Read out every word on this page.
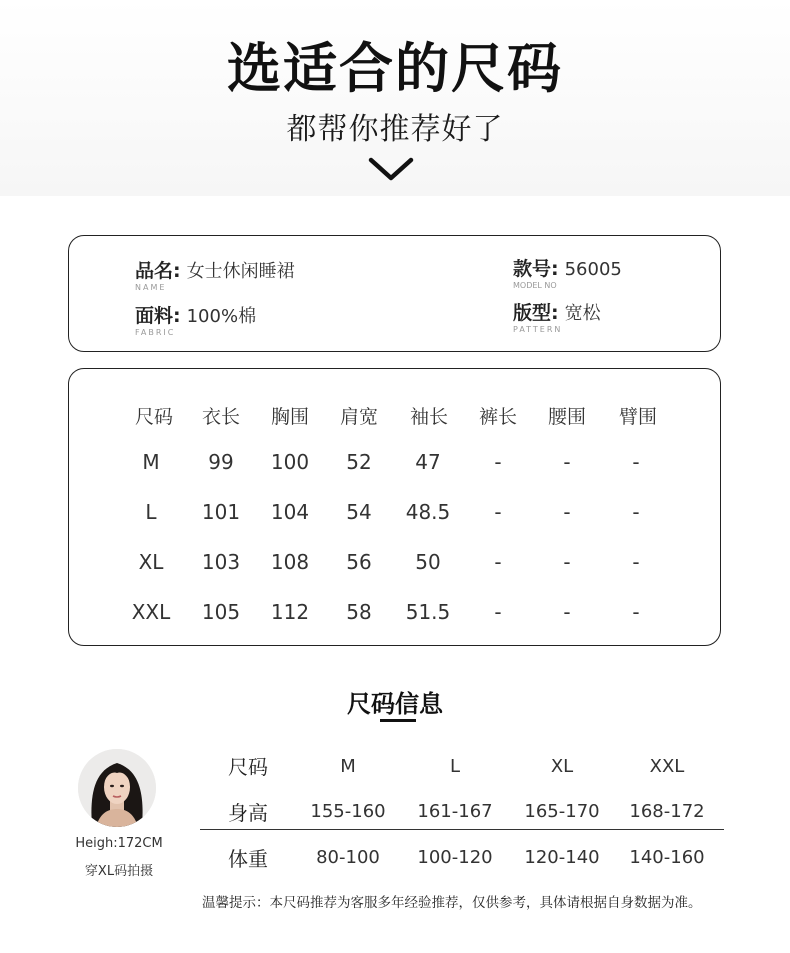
选适合的尺码
都帮你推荐好了
品名: 女士休闲睡裙
NAME
款号: 56005
MODEL NO
面料: 100%棉
FABRIC
版型: 宽松
PATTERN
尺码	衣长	胸围	肩宽	袖长	裤长	腰围	臂围
M	99	100	52	47	-	-	-
L	101	104	54	48.5	-	-	-
XL	103	108	56	50	-	-	-
XXL	105	112	58	51.5	-	-	-
尺码信息
Heigh:172CM
穿XL码拍摄
尺码	M	L	XL	XXL
身高	155-160	161-167	165-170	168-172
体重	80-100	100-120	120-140	140-160
温馨提示：本尺码推荐为客服多年经验推荐，仅供参考，具体请根据自身数据为准。
